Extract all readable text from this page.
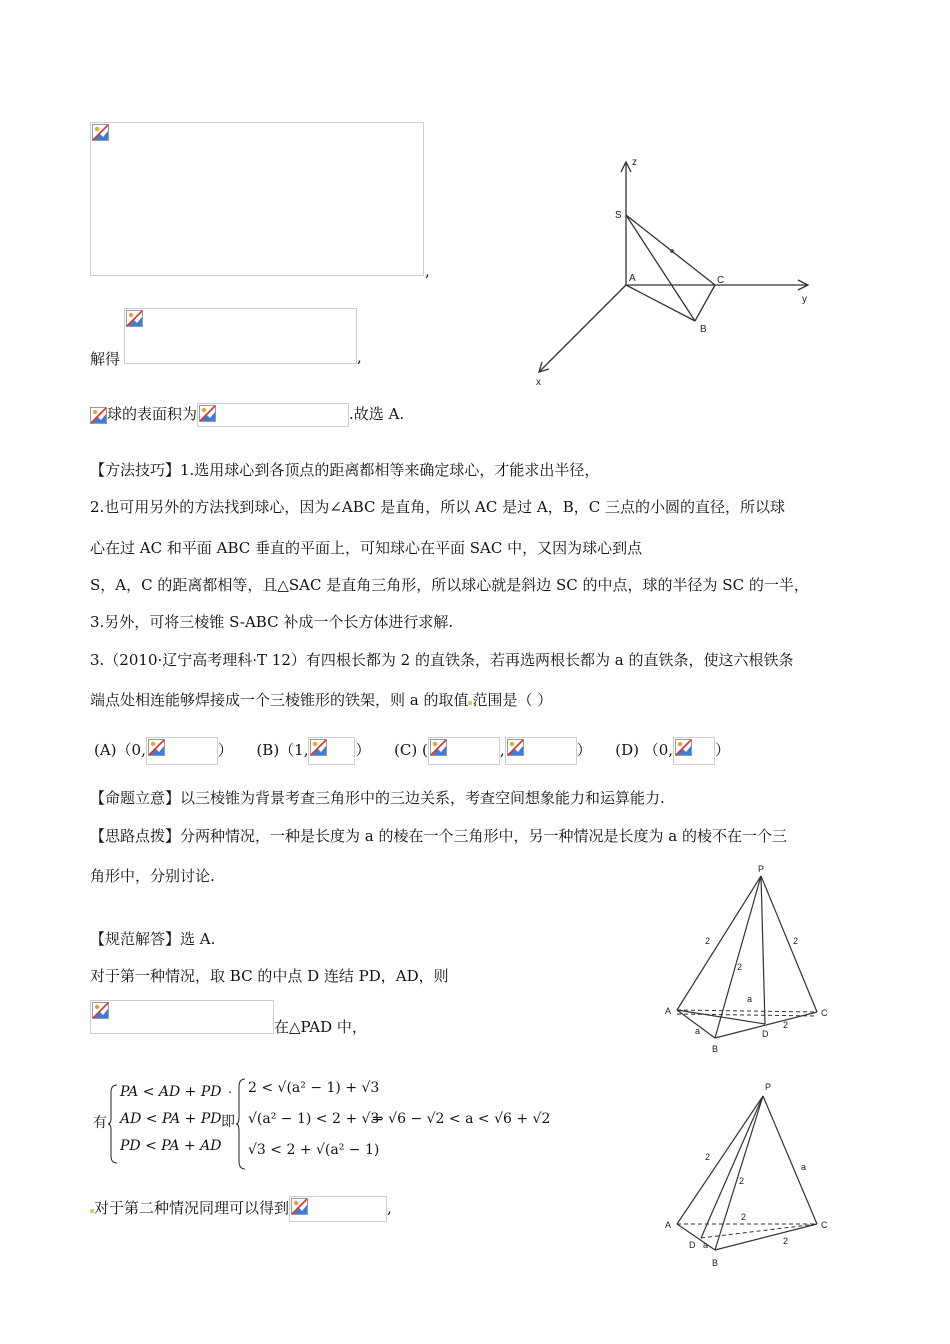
,
解得	,
球的表面积为	.故选 A.
z
S
A	C
y
B
x
【方法技巧】1.选用球心到各顶点的距离都相等来确定球心，才能求出半径，
2.也可用另外的方法找到球心，因为∠ABC 是直角，所以 AC 是过 A，B，C 三点的小圆的直径，所以球
心在过 AC 和平面 ABC 垂直的平面上，可知球心在平面 SAC 中，又因为球心到点
S，A，C 的距离都相等，且△SAC 是直角三角形，所以球心就是斜边 SC 的中点，球的半径为 SC 的一半，
3.另外，可将三棱锥 S-ABC 补成一个长方体进行求解.
3.（2010·辽宁高考理科·T 12）有四根长都为 2 的直铁条，若再选两根长都为 a 的直铁条，使这六根铁条
端点处相连能够焊接成一个三棱锥形的铁架，则 a 的取值 范围是（ ）
(A)（0,	） (B)（1,	） (C) (	,	） (D) （0,	）
【命题立意】以三棱锥为背景考查三角形中的三边关系，考查空间想象能力和运算能力.
【思路点拨】分两种情况，一种是长度为 a 的棱在一个三角形中，另一种情况是长度为 a 的棱不在一个三
角形中，分别讨论.
【规范解答】选 A.
对于第一种情况，取 BC 的中点 D 连结 PD，AD，则
在△PAD 中，
有
PA < AD + PD .
AD < PA + PD
PD < PA + AD
即
2 < √(a² − 1) + √3
√(a² − 1) < 2 + √3
√3 < 2 + √(a² − 1)
⇒ √6 − √2 < a < √6 + √2
对于第二种情况同理可以得到	,
P
A
B
C
D
2	2
2
2
a
a
P
A
B
C
D
2
2
2
2
a
a
